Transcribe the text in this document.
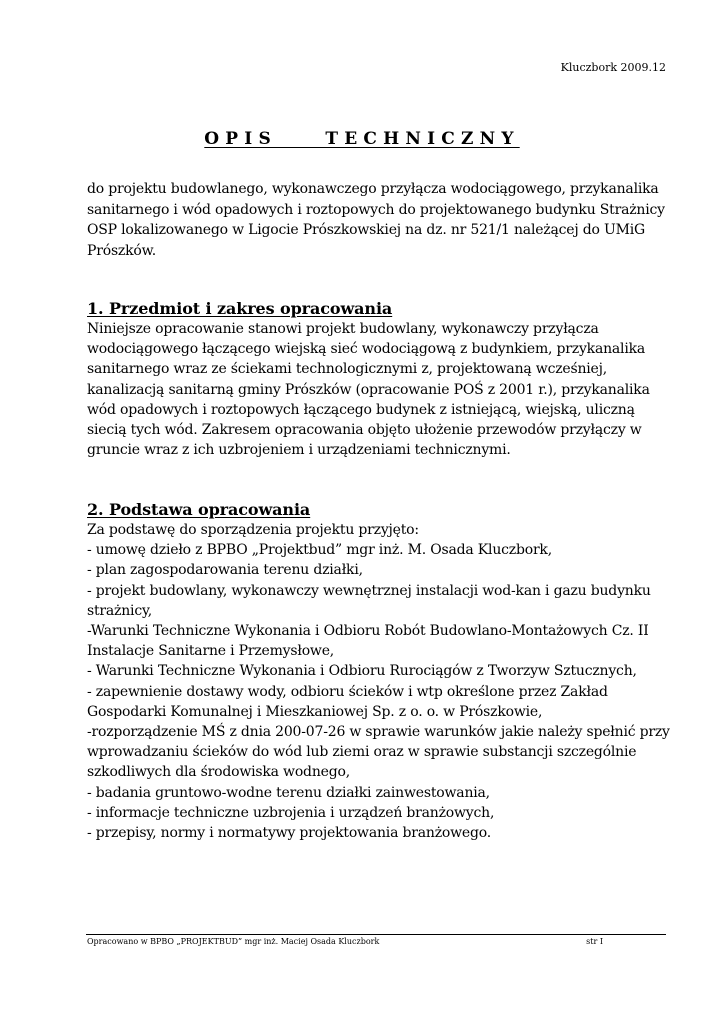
Kluczbork 2009.12
OPIS    TECHNICZNY

do projektu budowlanego, wykonawczego przyłącza wodociągowego, przykanalika sanitarnego i wód opadowych i roztopowych do projektowanego budynku Strażnicy OSP lokalizowanego w Ligocie Prószkowskiej na dz. nr 521/1 należącej do UMiG Prószków.

1. Przedmiot i zakres opracowania

Niniejsze opracowanie stanowi projekt budowlany, wykonawczy przyłącza wodociągowego łączącego wiejską sieć wodociągową z budynkiem, przykanalika sanitarnego wraz ze ściekami technologicznymi z, projektowaną wcześniej, kanalizacją sanitarną gminy Prószków (opracowanie POŚ z 2001 r.), przykanalika wód opadowych i roztopowych łączącego budynek z istniejącą, wiejską, uliczną siecią tych wód. Zakresem opracowania objęto ułożenie przewodów przyłączy w gruncie wraz z ich uzbrojeniem i urządzeniami technicznymi.

2. Podstawa opracowania

Za podstawę do sporządzenia projektu przyjęto:

- umowę dzieło z BPBO „Projektbud” mgr inż. M. Osada Kluczbork,
- plan zagospodarowania terenu działki,
- projekt budowlany, wykonawczy wewnętrznej instalacji wod-kan i gazu budynku strażnicy,
-Warunki Techniczne Wykonania i Odbioru Robót Budowlano-Montażowych Cz. II Instalacje Sanitarne i Przemysłowe,
- Warunki Techniczne Wykonania i Odbioru Rurociągów z Tworzyw Sztucznych,
- zapewnienie dostawy wody, odbioru ścieków i wtp określone przez Zakład Gospodarki Komunalnej i Mieszkaniowej Sp. z o. o. w Prószkowie,
-rozporządzenie MŚ z dnia 200-07-26 w sprawie warunków jakie należy spełnić przy wprowadzaniu ścieków do wód lub ziemi oraz w sprawie substancji szczególnie szkodliwych dla środowiska wodnego,
- badania gruntowo-wodne terenu działki zainwestowania,
- informacje techniczne uzbrojenia i urządzeń branżowych,
- przepisy, normy i normatywy projektowania branżowego.
Opracowano w BPBO „PROJEKTBUD” mgr inż. Maciej Osada Kluczbork	str I
